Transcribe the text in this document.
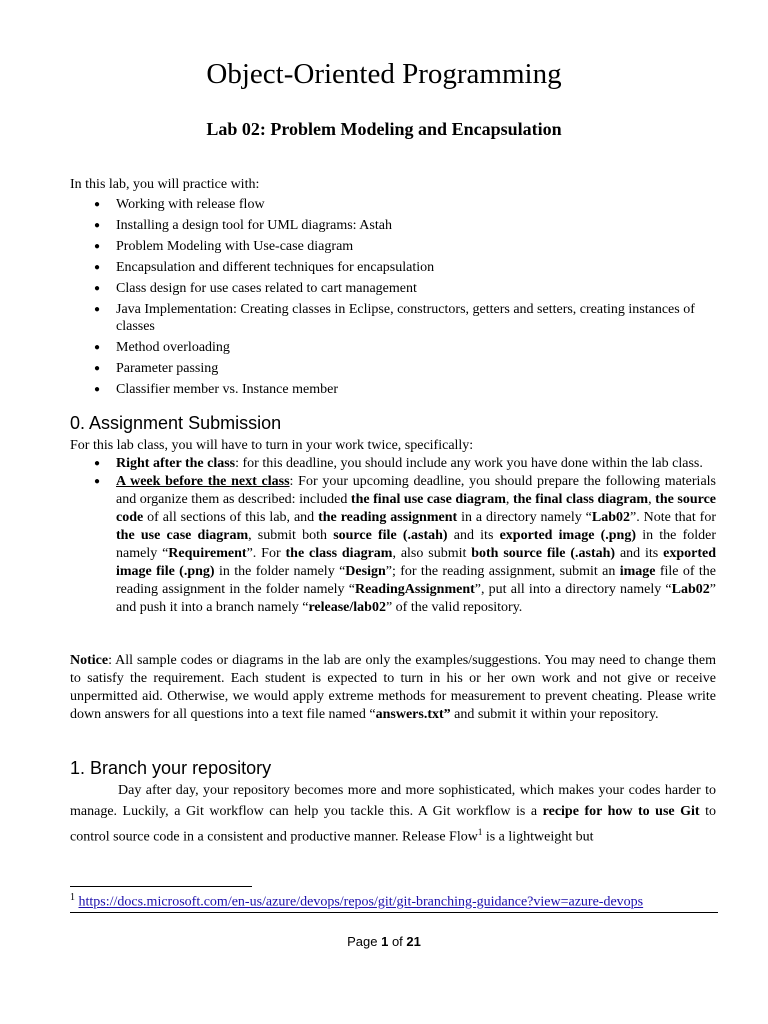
Object-Oriented Programming
Lab 02: Problem Modeling and Encapsulation

In this lab, you will practice with:

● Working with release flow
● Installing a design tool for UML diagrams: Astah
● Problem Modeling with Use-case diagram
● Encapsulation and different techniques for encapsulation
● Class design for use cases related to cart management
● Java Implementation: Creating classes in Eclipse, constructors, getters and setters, creating instances of classes
● Method overloading
● Parameter passing
● Classifier member vs. Instance member
0. Assignment Submission

For this lab class, you will have to turn in your work twice, specifically:

● Right after the class: for this deadline, you should include any work you have done within the lab class.
● A week before the next class: For your upcoming deadline, you should prepare the following materials and organize them as described: included the final use case diagram, the final class diagram, the source code of all sections of this lab, and the reading assignment in a directory namely “Lab02”. Note that for the use case diagram, submit both source file (.astah) and its exported image (.png) in the folder namely “Requirement”. For the class diagram, also submit both source file (.astah) and its exported image file (.png) in the folder namely “Design”; for the reading assignment, submit an image file of the reading assignment in the folder namely “ReadingAssignment”, put all into a directory namely “Lab02” and push it into a branch namely “release/lab02” of the valid repository.

Notice: All sample codes or diagrams in the lab are only the examples/suggestions. You may need to change them to satisfy the requirement. Each student is expected to turn in his or her own work and not give or receive unpermitted aid. Otherwise, we would apply extreme methods for measurement to prevent cheating. Please write down answers for all questions into a text file named “answers.txt” and submit it within your repository.

1. Branch your repository

Day after day, your repository becomes more and more sophisticated, which makes your codes harder to manage. Luckily, a Git workflow can help you tackle this. A Git workflow is a recipe for how to use Git to control source code in a consistent and productive manner. Release Flow$^1$ is a lightweight but

$^1$ https://docs.microsoft.com/en-us/azure/devops/repos/git/git-branching-guidance?view=azure-devops

Page 1 of 21
